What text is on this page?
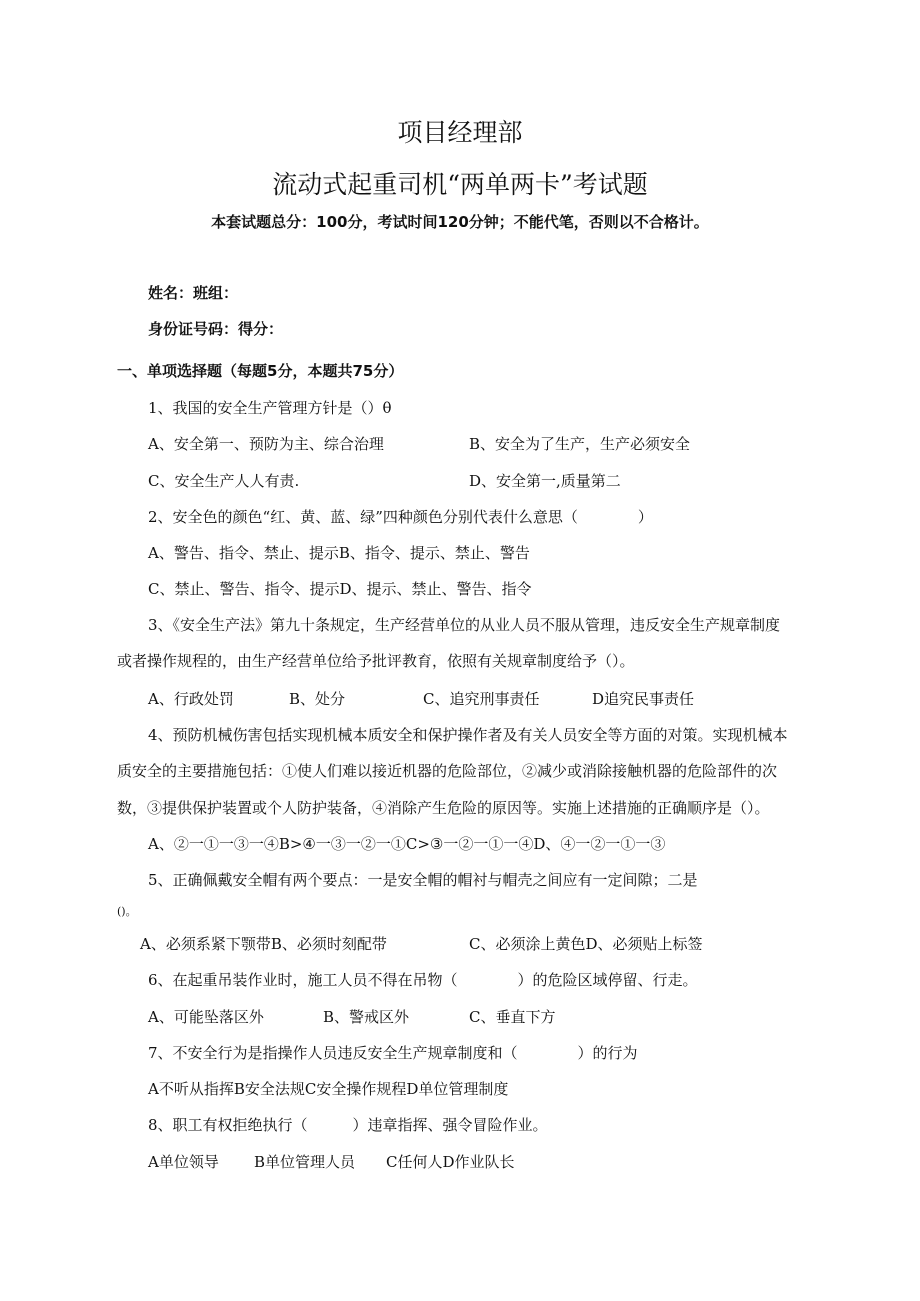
项目经理部
流动式起重司机“两单两卡”考试题
本套试题总分：100分，考试时间120分钟；不能代笔，否则以不合格计。
姓名：班组：
身份证号码：得分：
一、单项选择题（每题5分，本题共75分）
1、我国的安全生产管理方针是（）θ
A、安全第一、预防为主、综合治理	B、安全为了生产，生产必须安全
C、安全生产人人有责.	D、安全第一,质量第二
2、安全色的颜色“红、黄、蓝、绿”四种颜色分别代表什么意思（　　　　）
A、警告、指令、禁止、提示B、指令、提示、禁止、警告
C、禁止、警告、指令、提示D、提示、禁止、警告、指令
3、《安全生产法》第九十条规定，生产经营单位的从业人员不服从管理，违反安全生产规章制度
或者操作规程的，由生产经营单位给予批评教育，依照有关规章制度给予（）。
A、行政处罚	B、处分	C、追究刑事责任	D追究民事责任
4、预防机械伤害包括实现机械本质安全和保护操作者及有关人员安全等方面的对策。实现机械本
质安全的主要措施包括：①使人们难以接近机器的危险部位，②减少或消除接触机器的危险部件的次
数，③提供保护装置或个人防护装备，④消除产生危险的原因等。实施上述措施的正确顺序是（）。
A、②一①一③一④B>④一③一②一①C>③一②一①一④D、④一②一①一③
5、正确佩戴安全帽有两个要点：一是安全帽的帽衬与帽壳之间应有一定间隙；二是
()。
A、必须系紧下颚带B、必须时刻配带	C、必须涂上黄色D、必须贴上标签
6、在起重吊装作业时，施工人员不得在吊物（　　　　）的危险区域停留、行走。
A、可能坠落区外	B、警戒区外	C、垂直下方
7、不安全行为是指操作人员违反安全生产规章制度和（　　　　）的行为
A不听从指挥B安全法规C安全操作规程D单位管理制度
8、职工有权拒绝执行（　　　）违章指挥、强令冒险作业。
A单位领导 B单位管理人员 C任何人D作业队长
